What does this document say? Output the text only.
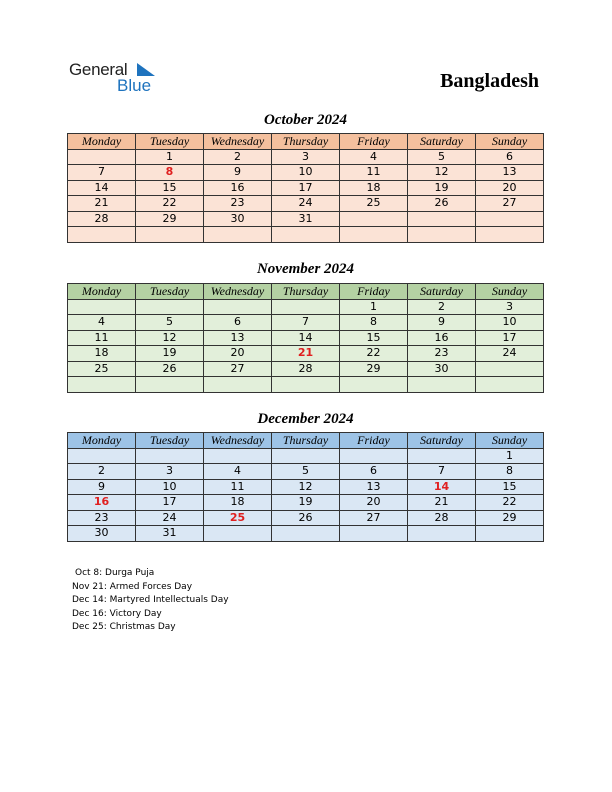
General
Blue	Bangladesh
October 2024
Monday	Tuesday	Wednesday	Thursday	Friday	Saturday	Sunday
	1	2	3	4	5	6
7	8	9	10	11	12	13
14	15	16	17	18	19	20
21	22	23	24	25	26	27
28	29	30	31			

November 2024
Monday	Tuesday	Wednesday	Thursday	Friday	Saturday	Sunday
				1	2	3
4	5	6	7	8	9	10
11	12	13	14	15	16	17
18	19	20	21	22	23	24
25	26	27	28	29	30	

December 2024
Monday	Tuesday	Wednesday	Thursday	Friday	Saturday	Sunday
						1
2	3	4	5	6	7	8
9	10	11	12	13	14	15
16	17	18	19	20	21	22
23	24	25	26	27	28	29
30	31					
Oct 8: Durga Puja
Nov 21: Armed Forces Day
Dec 14: Martyred Intellectuals Day
Dec 16: Victory Day
Dec 25: Christmas Day
